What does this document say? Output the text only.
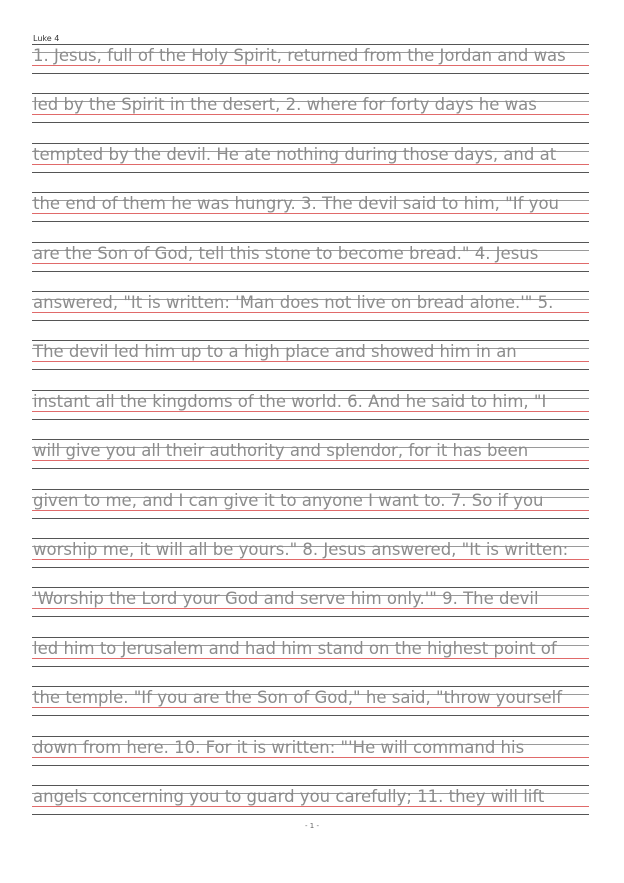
Luke 4
1. Jesus, full of the Holy Spirit, returned from the Jordan and was
led by the Spirit in the desert, 2. where for forty days he was
tempted by the devil. He ate nothing during those days, and at
the end of them he was hungry. 3. The devil said to him, "If you
are the Son of God, tell this stone to become bread." 4. Jesus
answered, "It is written: 'Man does not live on bread alone.'" 5.
The devil led him up to a high place and showed him in an
instant all the kingdoms of the world. 6. And he said to him, "I
will give you all their authority and splendor, for it has been
given to me, and I can give it to anyone I want to. 7. So if you
worship me, it will all be yours." 8. Jesus answered, "It is written:
'Worship the Lord your God and serve him only.'" 9. The devil
led him to Jerusalem and had him stand on the highest point of
the temple. "If you are the Son of God," he said, "throw yourself
down from here. 10. For it is written: "'He will command his
angels concerning you to guard you carefully; 11. they will lift
- 1 -
